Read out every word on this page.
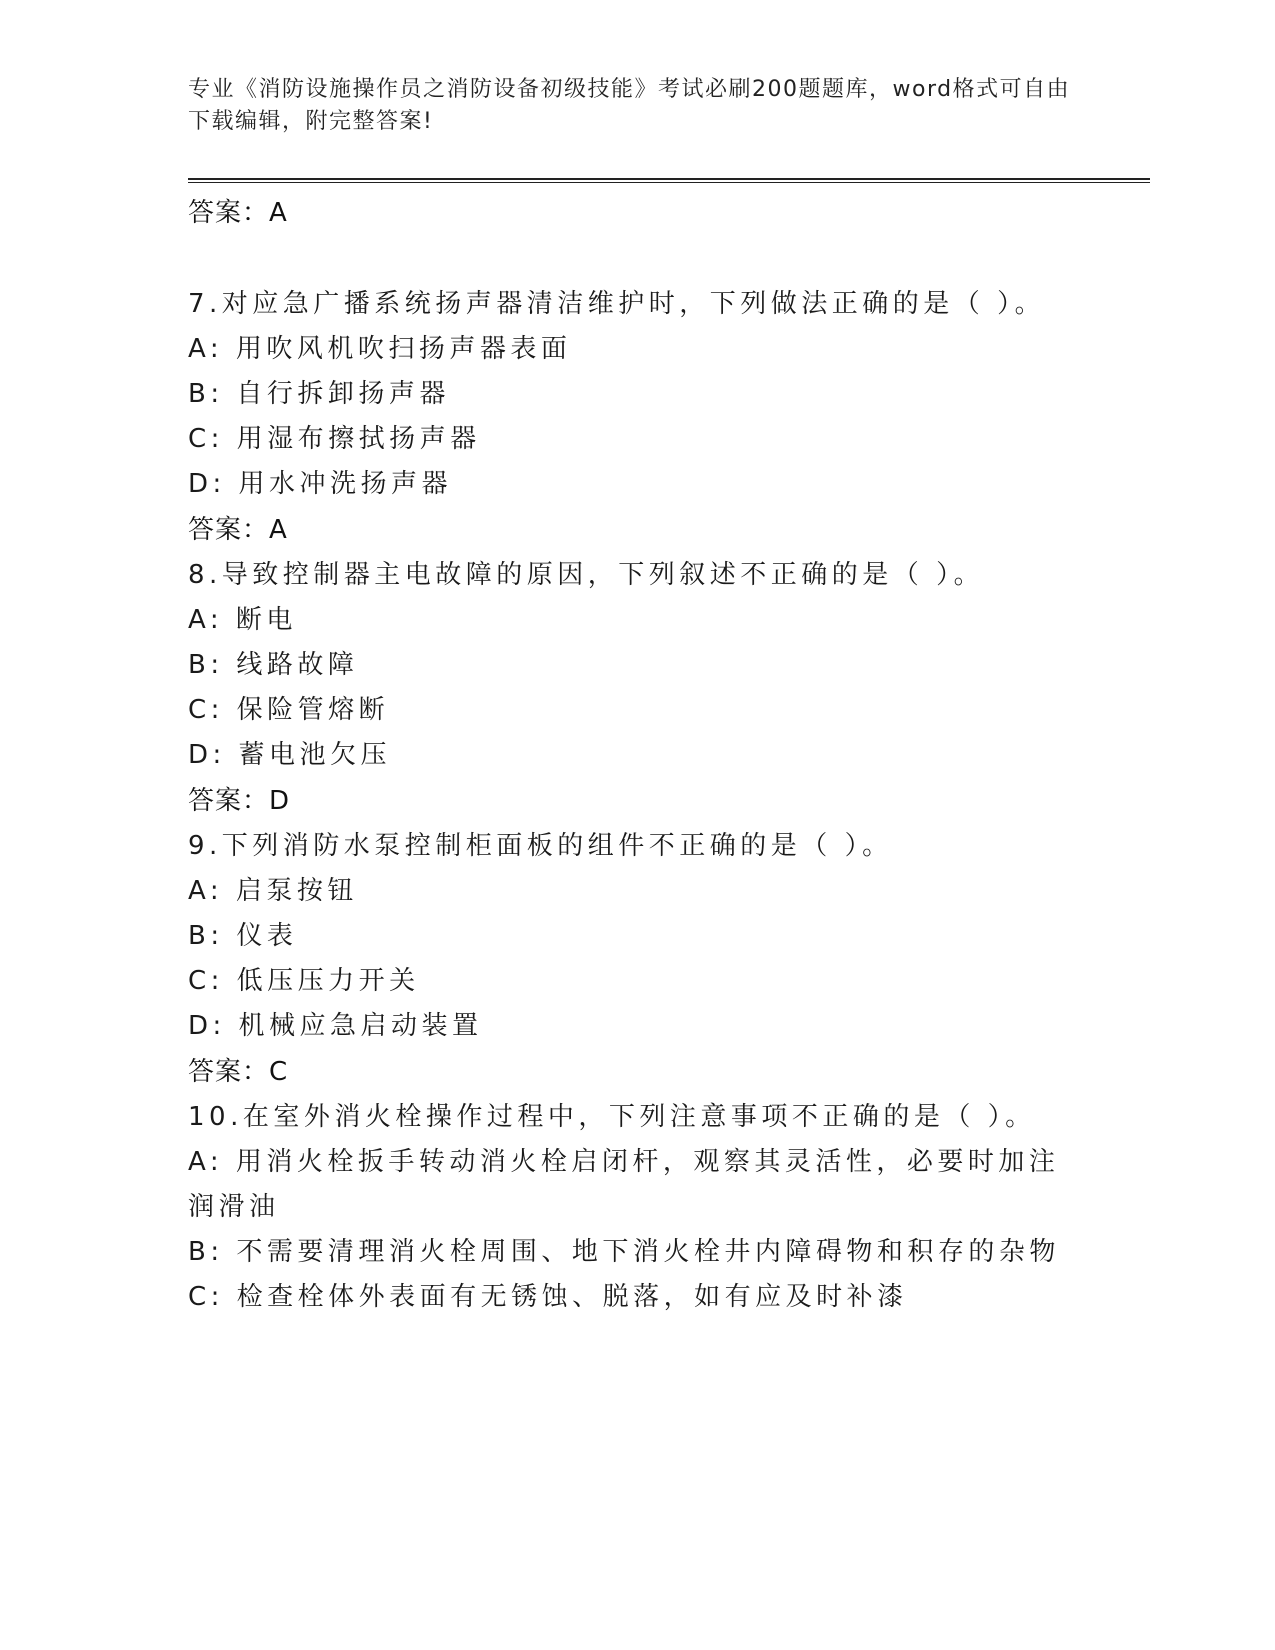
专业《消防设施操作员之消防设备初级技能》考试必刷200题题库，word格式可自由下载编辑，附完整答案!
答案：A
7.对应急广播系统扬声器清洁维护时，下列做法正确的是（ ）。
A: 用吹风机吹扫扬声器表面
B: 自行拆卸扬声器
C: 用湿布擦拭扬声器
D: 用水冲洗扬声器
答案：A
8.导致控制器主电故障的原因，下列叙述不正确的是（ ）。
A: 断电
B: 线路故障
C: 保险管熔断
D: 蓄电池欠压
答案：D
9.下列消防水泵控制柜面板的组件不正确的是（ ）。
A: 启泵按钮
B: 仪表
C: 低压压力开关
D: 机械应急启动装置
答案：C
10.在室外消火栓操作过程中，下列注意事项不正确的是（ ）。
A: 用消火栓扳手转动消火栓启闭杆，观察其灵活性，必要时加注润滑油
B: 不需要清理消火栓周围、地下消火栓井内障碍物和积存的杂物
C: 检查栓体外表面有无锈蚀、脱落，如有应及时补漆
